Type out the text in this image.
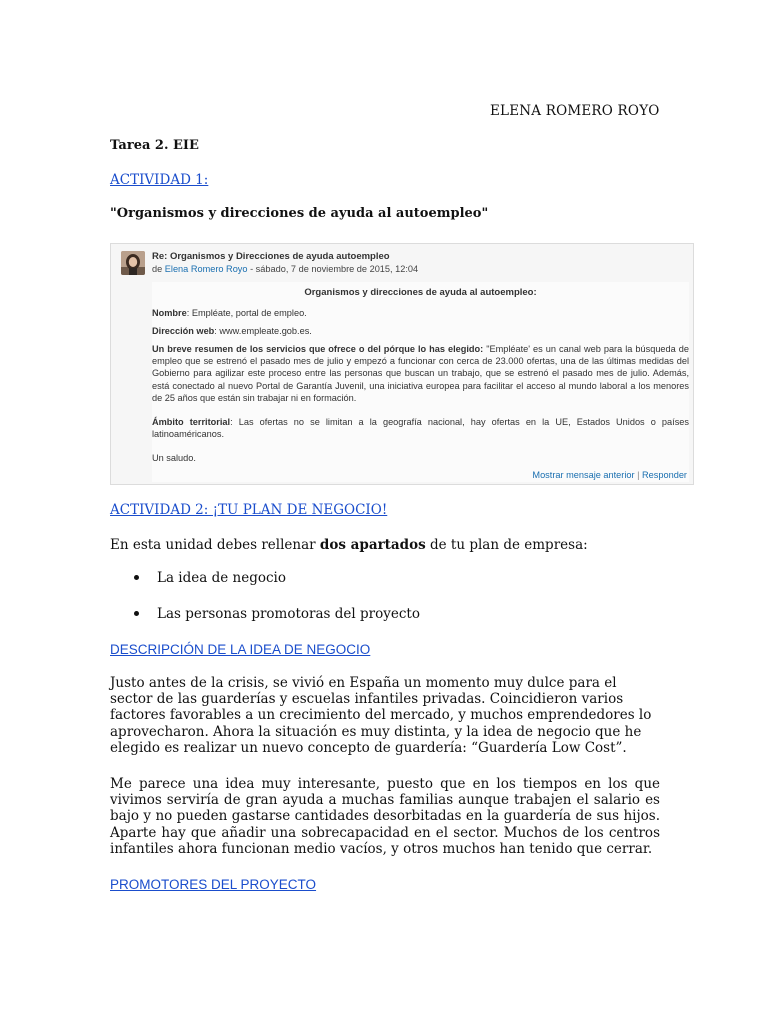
ELENA ROMERO ROYO
Tarea 2. EIE
ACTIVIDAD 1:
"Organismos y direcciones de ayuda al autoempleo"
Re: Organismos y Direcciones de ayuda autoempleo
de Elena Romero Royo - sábado, 7 de noviembre de 2015, 12:04
Organismos y direcciones de ayuda al autoempleo:

Nombre: Empléate, portal de empleo.

Dirección web: www.empleate.gob.es.

Un breve resumen de los servicios que ofrece o del pórque lo has elegido: "Empléate' es un canal web para la búsqueda de empleo que se estrenó el pasado mes de julio y empezó a funcionar con cerca de 23.000 ofertas, una de las últimas medidas del Gobierno para agilizar este proceso entre las personas que buscan un trabajo, que se estrenó el pasado mes de julio. Además, está conectado al nuevo Portal de Garantía Juvenil, una iniciativa europea para facilitar el acceso al mundo laboral a los menores de 25 años que están sin trabajar ni en formación.

Ámbito territorial: Las ofertas no se limitan a la geografía nacional, hay ofertas en la UE, Estados Unidos o países latinoaméricanos.

Un saludo.

Mostrar mensaje anterior | Responder
ACTIVIDAD 2: ¡TU PLAN DE NEGOCIO!
En esta unidad debes rellenar dos apartados de tu plan de empresa:
La idea de negocio
Las personas promotoras del proyecto
DESCRIPCIÓN DE LA IDEA DE NEGOCIO
Justo antes de la crisis, se vivió en España un momento muy dulce para el sector de las guarderías y escuelas infantiles privadas. Coincidieron varios factores favorables a un crecimiento del mercado, y muchos emprendedores lo aprovecharon. Ahora la situación es muy distinta, y la idea de negocio que he elegido es realizar un nuevo concepto de guardería: “Guardería Low Cost”.
Me parece una idea muy interesante, puesto que en los tiempos en los que vivimos serviría de gran ayuda a muchas familias aunque trabajen el salario es bajo y no pueden gastarse cantidades desorbitadas en la guardería de sus hijos. Aparte hay que añadir una sobrecapacidad en el sector. Muchos de los centros infantiles ahora funcionan medio vacíos, y otros muchos han tenido que cerrar.
PROMOTORES DEL PROYECTO
